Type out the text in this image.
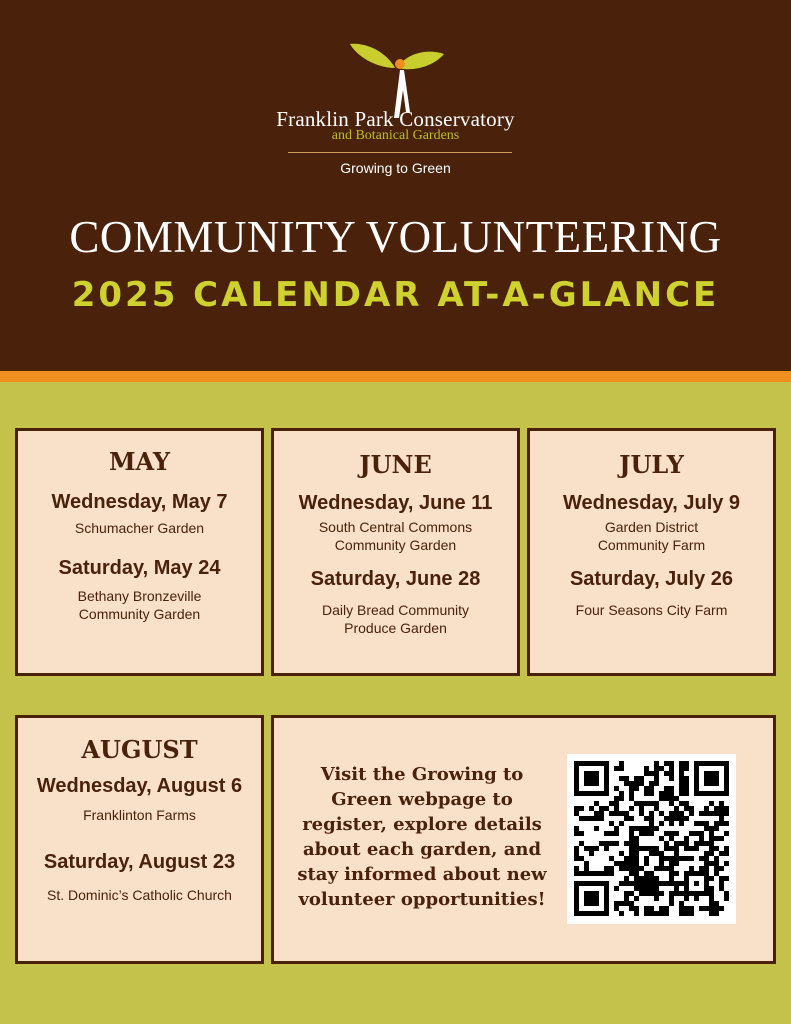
Franklin Park Conservatory
and Botanical Gardens
Growing to Green
COMMUNITY VOLUNTEERING
2025 CALENDAR AT-A-GLANCE
MAY
Wednesday, May 7
Schumacher Garden
Saturday, May 24
Bethany Bronzeville
Community Garden
JUNE
Wednesday, June 11
South Central Commons
Community Garden
Saturday, June 28
Daily Bread Community
Produce Garden
JULY
Wednesday, July 9
Garden District
Community Farm
Saturday, July 26
Four Seasons City Farm
AUGUST
Wednesday, August 6
Franklinton Farms
Saturday, August 23
St. Dominic’s Catholic Church
Visit the Growing to
Green webpage to
register, explore details
about each garden, and
stay informed about new
volunteer opportunities!
